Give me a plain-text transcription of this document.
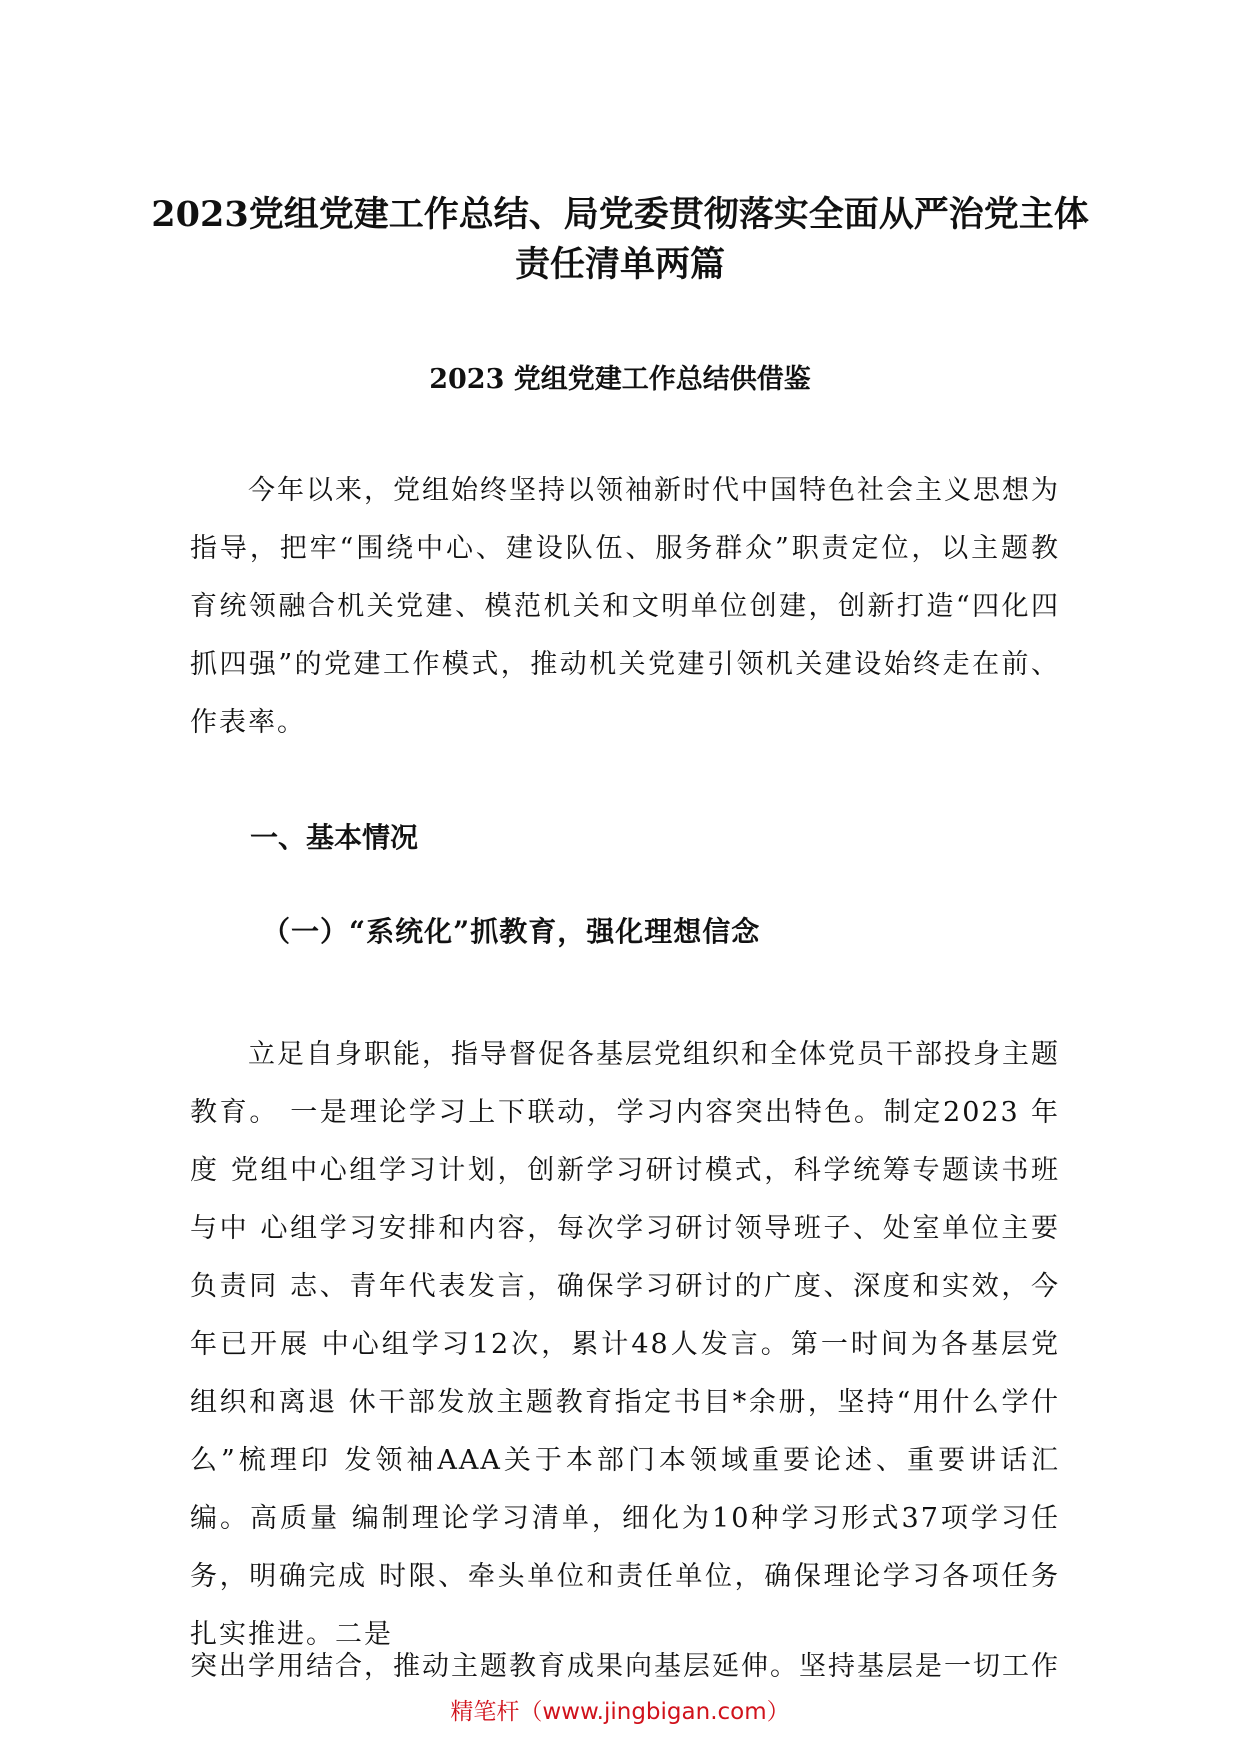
2023党组党建工作总结、局党委贯彻落实全面从严治党主体责任清单两篇
2023 党组党建工作总结供借鉴
今年以来，党组始终坚持以领袖新时代中国特色社会主义思想为指导，把牢“围绕中心、建设队伍、服务群众”职责定位，以主题教育统领融合机关党建、模范机关和文明单位创建，创新打造“四化四抓四强”的党建工作模式，推动机关党建引领机关建设始终走在前、作表率。
一、基本情况
（一）“系统化”抓教育，强化理想信念
立足自身职能，指导督促各基层党组织和全体党员干部投身主题教育。 一是理论学习上下联动，学习内容突出特色。制定2023 年度 党组中心组学习计划，创新学习研讨模式，科学统筹专题读书班与中 心组学习安排和内容，每次学习研讨领导班子、处室单位主要负责同 志、青年代表发言，确保学习研讨的广度、深度和实效，今年已开展 中心组学习12次，累计48人发言。第一时间为各基层党组织和离退 休干部发放主题教育指定书目*余册，坚持“用什么学什么”梳理印 发领袖AAA关于本部门本领域重要论述、重要讲话汇编。高质量 编制理论学习清单，细化为10种学习形式37项学习任务，明确完成 时限、牵头单位和责任单位，确保理论学习各项任务扎实推进。二是
突出学用结合，推动主题教育成果向基层延伸。坚持基层是一切工作
精笔杆（www.jingbigan.com）
